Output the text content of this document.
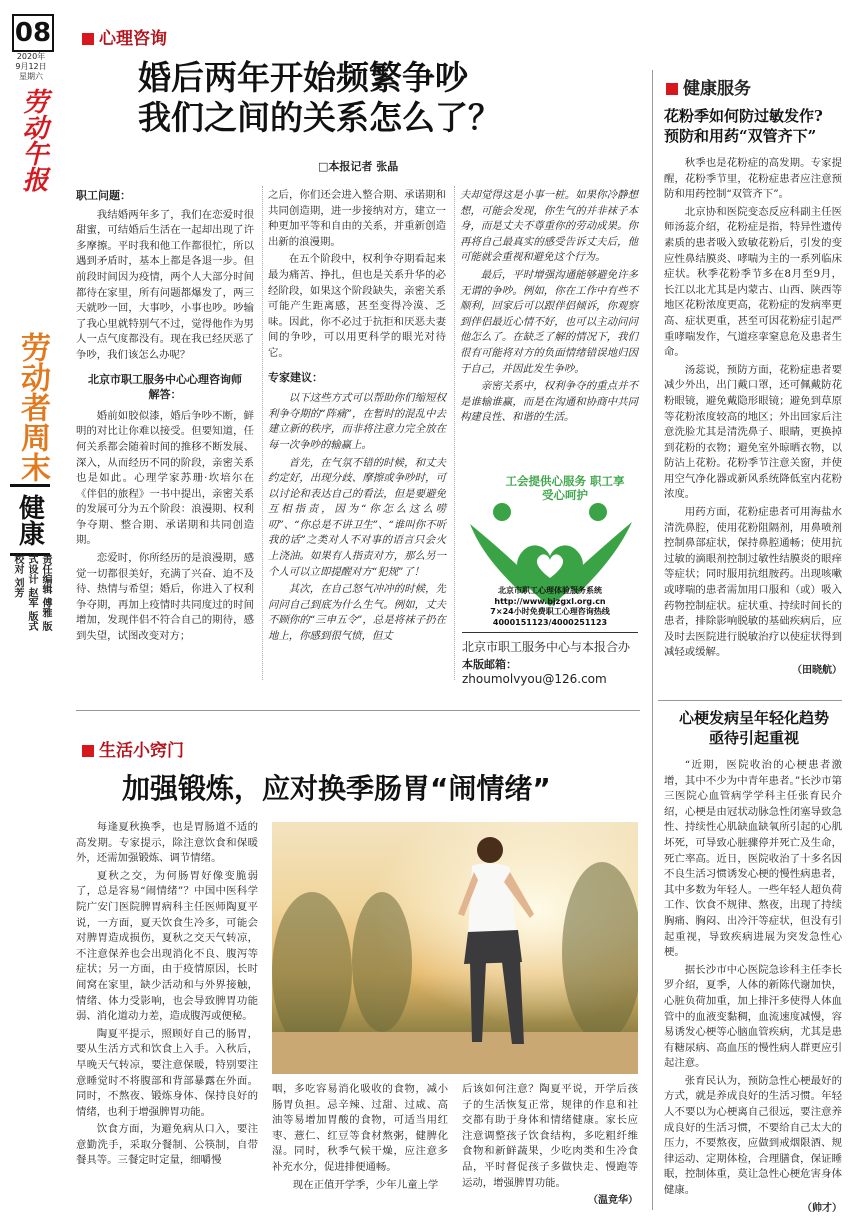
08
2020年
9月12日
星期六
劳动午报
劳动者周末
健康
责任编辑 傅雅 版式设计 赵军 版式校对 刘芳
心理咨询
婚后两年开始频繁争吵
我们之间的关系怎么了？
□本报记者 张晶
职工问题：

我结婚两年多了，我们在恋爱时很甜蜜，可结婚后生活在一起却出现了许多摩擦。平时我和他工作都很忙，所以遇到矛盾时，基本上都是各退一步。但前段时间因为疫情，两个人大部分时间都待在家里，所有问题都爆发了，两三天就吵一回，大事吵，小事也吵。吵输了我心里就特别气不过，觉得他作为男人一点气度都没有。现在我已经厌恶了争吵，我们该怎么办呢？

北京市职工服务中心心理咨询师解答：

婚前如胶似漆，婚后争吵不断，鲜明的对比让你难以接受。但要知道，任何关系都会随着时间的推移不断发展、深入，从而经历不同的阶段，亲密关系也是如此。心理学家苏珊·坎培尔在《伴侣的旅程》一书中提出，亲密关系的发展可分为五个阶段：浪漫期、权利争夺期、整合期、承诺期和共同创造期。

恋爱时，你所经历的是浪漫期，感觉一切都很美好，充满了兴奋、迫不及待、热情与希望；婚后，你进入了权利争夺期，再加上疫情时共同度过的时间增加，发现伴侣不符合自己的期待，感到失望，试图改变对方；

之后，你们还会进入整合期、承诺期和共同创造期，进一步接纳对方，建立一种更加平等和自由的关系，并重新创造出新的浪漫期。

在五个阶段中，权利争夺期看起来最为痛苦、挣扎，但也是关系升华的必经阶段，如果这个阶段缺失，亲密关系可能产生距离感，甚至变得冷漠、乏味。因此，你不必过于抗拒和厌恶夫妻间的争吵，可以用更科学的眼光对待它。

专家建议：

以下这些方式可以帮助你们缩短权利争夺期的“阵痛”，在暂时的混乱中去建立新的秩序，而非将注意力完全放在每一次争吵的输赢上。

首先，在气氛不错的时候，和丈夫约定好，出现分歧、摩擦或争吵时，可以讨论和表达自己的看法，但是要避免互相指责，因为“你怎么这么唠叨”、“你总是不讲卫生”、“谁叫你不听我的话”之类对人不对事的语言只会火上浇油。如果有人指责对方，那么另一个人可以立即提醒对方“犯规”了！

其次，在自己怒气冲冲的时候，先问问自己到底为什么生气。例如，丈夫不顾你的“三申五令”，总是将袜子扔在地上，你感到很气愤，但丈

夫却觉得这是小事一桩。如果你冷静想想，可能会发现，你生气的并非袜子本身，而是丈夫不尊重你的劳动成果。你再将自己最真实的感受告诉丈夫后，他可能就会重视和避免这个行为。

最后，平时增强沟通能够避免许多无谓的争吵。例如，你在工作中有些不顺利，回家后可以跟伴侣倾诉，你观察到伴侣最近心情不好，也可以主动问问他怎么了。在缺乏了解的情况下，我们很有可能将对方的负面情绪错误地归因于自己，并因此发生争吵。

亲密关系中，权利争夺的重点并不是谁输谁赢，而是在沟通和协商中共同构建良性、和谐的生活。

工会提供心服务 职工享受心呵护
北京市职工心理体验服务系统
http://www.bjzgxl.org.cn
7×24小时免费职工心理咨询热线
4000151123/4000251123
北京市职工服务中心与本报合办
本版邮箱：zhoumolvyou@126.com
健康服务
花粉季如何防过敏发作?
预防和用药“双管齐下”

秋季也是花粉症的高发期。专家提醒，花粉季节里，花粉症患者应注意预防和用药控制“双管齐下”。

北京协和医院变态反应科副主任医师汤蕊介绍，花粉症是指，特异性遗传素质的患者吸入致敏花粉后，引发的变应性鼻结膜炎、哮喘为主的一系列临床症状。秋季花粉季节多在8月至9月，长江以北尤其是内蒙古、山西、陕西等地区花粉浓度更高，花粉症的发病率更高、症状更重，甚至可因花粉症引起严重哮喘发作，气道痉挛窒息危及患者生命。

汤蕊说，预防方面，花粉症患者要减少外出，出门戴口罩，还可佩戴防花粉眼镜，避免戴隐形眼镜；避免到草原等花粉浓度较高的地区；外出回家后注意洗脸尤其是清洗鼻子、眼睛，更换掉到花粉的衣物；避免室外晾晒衣物，以防沾上花粉。花粉季节注意关窗，并使用空气净化器或新风系统降低室内花粉浓度。

用药方面，花粉症患者可用海盐水清洗鼻腔，使用花粉阻隔剂，用鼻喷剂控制鼻部症状，保持鼻腔通畅；使用抗过敏的滴眼剂控制过敏性结膜炎的眼痒等症状；同时服用抗组胺药。出现咳嗽或哮喘的患者需加用口服和（或）吸入药物控制症状。症状重、持续时间长的患者，排除影响脱敏的基础疾病后，应及时去医院进行脱敏治疗以使症状得到减轻或缓解。

（田晓航）
心梗发病呈年轻化趋势
亟待引起重视

“近期，医院收治的心梗患者激增，其中不少为中青年患者。”长沙市第三医院心血管病学学科主任张育民介绍，心梗是由冠状动脉急性闭塞导致急性、持续性心肌缺血缺氧所引起的心肌坏死，可导致心脏骤停并死亡及生命，死亡率高。近日，医院收治了十多名因不良生活习惯诱发心梗的慢性病患者，其中多数为年轻人。一些年轻人超负荷工作、饮食不规律、熬夜，出现了持续胸痛、胸闷、出冷汗等症状，但没有引起重视，导致疾病进展为突发急性心梗。

据长沙市中心医院急诊科主任李长罗介绍，夏季，人体的新陈代谢加快，心脏负荷加重，加上排汗多使得人体血管中的血液变黏稠，血流速度减慢，容易诱发心梗等心脑血管疾病，尤其是患有糖尿病、高血压的慢性病人群更应引起注意。

张育民认为，预防急性心梗最好的方式，就是养成良好的生活习惯。年轻人不要以为心梗离自己很远，要注意养成良好的生活习惯，不要给自己太大的压力，不要熬夜，应做到戒烟限酒、规律运动、定期体检，合理膳食，保证睡眠，控制体重，莫让急性心梗危害身体健康。

（帅才）
生活小窍门
加强锻炼，应对换季肠胃“闹情绪”

每逢夏秋换季，也是胃肠道不适的高发期。专家提示，除注意饮食和保暖外，还需加强锻炼、调节情绪。

夏秋之交，为何肠胃好像变脆弱了，总是容易“闹情绪”？中国中医科学院广安门医院脾胃病科主任医师陶夏平说，一方面，夏天饮食生冷多，可能会对脾胃造成损伤，夏秋之交天气转凉，不注意保养也会出现消化不良、腹泻等症状；另一方面，由于疫情原因，长时间窝在家里，缺少活动和与外界接触，情绪、体力受影响，也会导致脾胃功能弱、消化道动力差，造成腹泻或便秘。

陶夏平提示，照顾好自己的肠胃，要从生活方式和饮食上入手。入秋后，早晚天气转凉，要注意保暖，特别要注意睡觉时不将腹部和背部暴露在外面。同时，不熬夜、锻炼身体、保持良好的情绪，也利于增强脾胃功能。

饮食方面，为避免病从口入，要注意勤洗手，采取分餐制、公筷制，自带餐具等。三餐定时定量，细嚼慢

咽，多吃容易消化吸收的食物，减小肠胃负担。忌辛辣、过甜、过咸、高油等易增加胃酸的食物，可适当用红枣、薏仁、红豆等食材熬粥，健脾化湿。同时，秋季气候干燥，应注意多补充水分，促进排便通畅。

现在正值开学季，少年儿童上学

后该如何注意？陶夏平说，开学后孩子的生活恢复正常，规律的作息和社交都有助于身体和情绪健康。家长应注意调整孩子饮食结构，多吃粗纤维食物和新鲜蔬果，少吃肉类和生冷食品，平时督促孩子多做快走、慢跑等运动，增强脾胃功能。

（温竞华）
